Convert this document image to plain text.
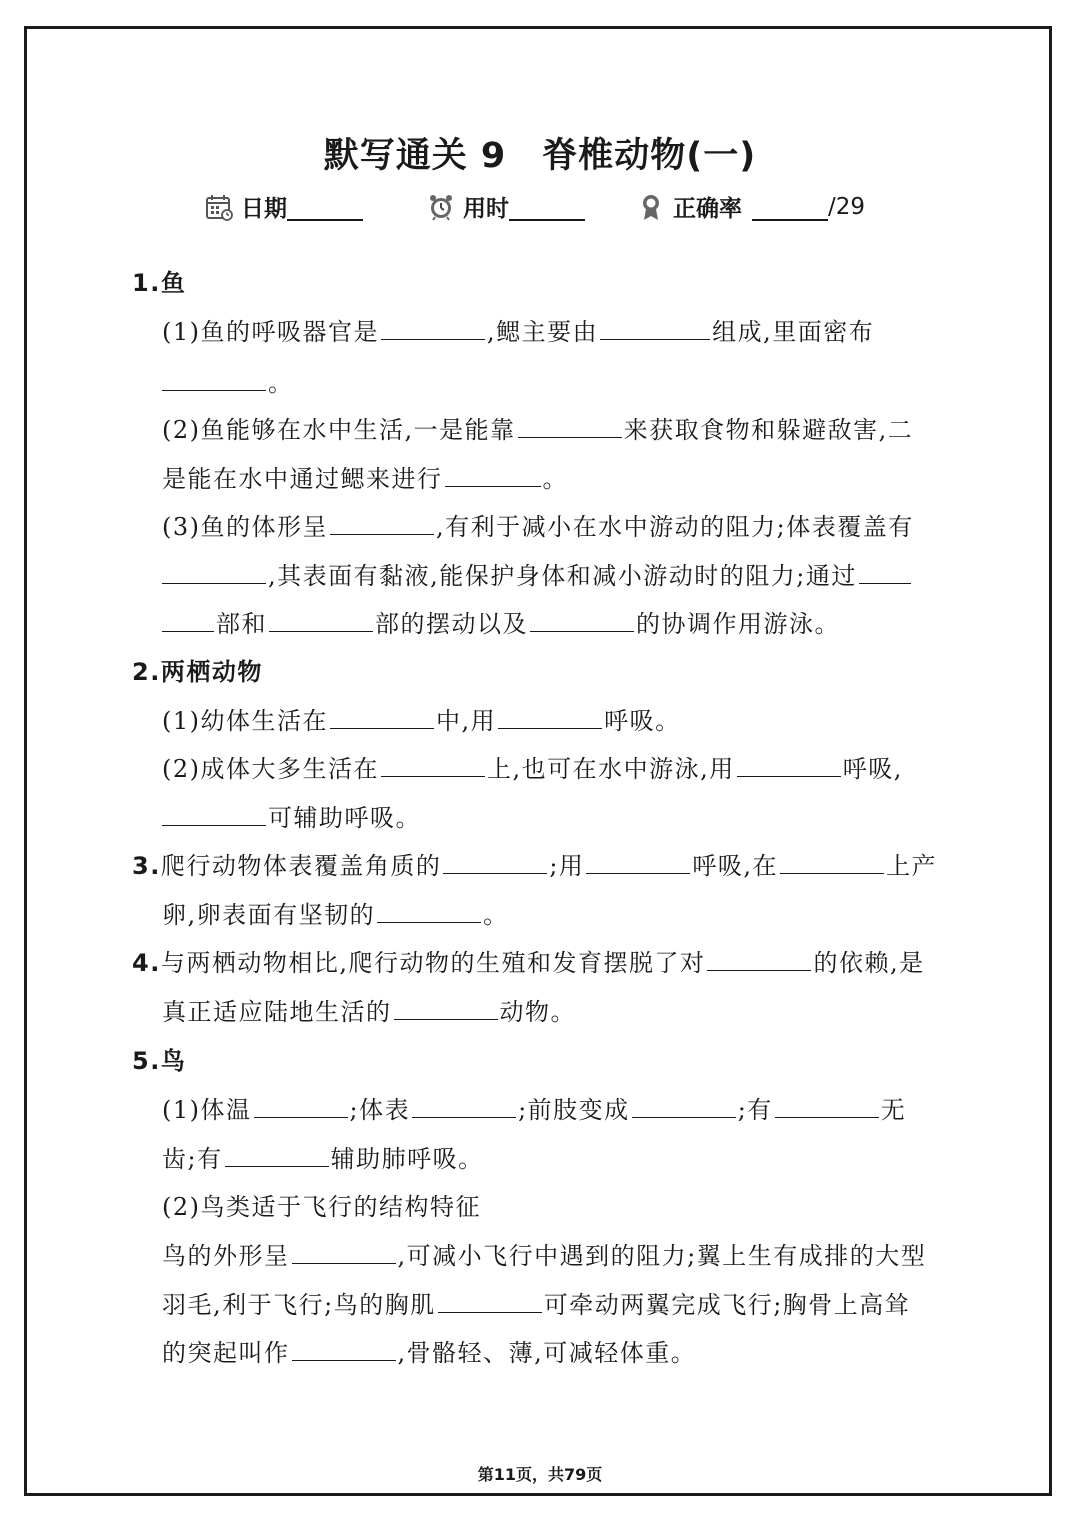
默写通关 9　脊椎动物(一)
日期	用时	正确率	/29
1.鱼
(1)鱼的呼吸器官是	,鳃主要由	组成,里面密布
。
(2)鱼能够在水中生活,一是能靠	来获取食物和躲避敌害,二
是能在水中通过鳃来进行	。
(3)鱼的体形呈	,有利于减小在水中游动的阻力;体表覆盖有
,其表面有黏液,能保护身体和减小游动时的阻力;通过
部和	部的摆动以及	的协调作用游泳。
2.两栖动物
(1)幼体生活在	中,用	呼吸。
(2)成体大多生活在	上,也可在水中游泳,用	呼吸,
可辅助呼吸。
3.爬行动物体表覆盖角质的	;用	呼吸,在	上产
卵,卵表面有坚韧的	。
4.与两栖动物相比,爬行动物的生殖和发育摆脱了对	的依赖,是
真正适应陆地生活的	动物。
5.鸟
(1)体温	;体表	;前肢变成	;有	无
齿;有	辅助肺呼吸。
(2)鸟类适于飞行的结构特征
鸟的外形呈	,可减小飞行中遇到的阻力;翼上生有成排的大型
羽毛,利于飞行;鸟的胸肌	可牵动两翼完成飞行;胸骨上高耸
的突起叫作	,骨骼轻、薄,可减轻体重。
第11页，共79页
